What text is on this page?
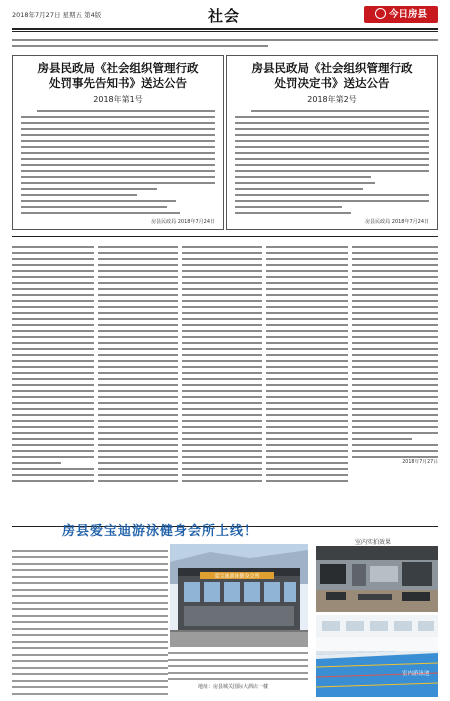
2018年7月27日 星期五 第4版	社会	今日房县
房县民政局《社会组织管理行政
处罚事先告知书》送达公告
2018年第1号
房县民政局 2018年7月24日
房县民政局《社会组织管理行政
处罚决定书》送达公告
2018年第2号
房县民政局 2018年7月24日
2018年7月27日
房县爱宝迪游泳健身会所上线！
爱宝迪游泳健身会所
地址：房县城关国际大酒店一楼
室内实拍效果
室内游泳池
